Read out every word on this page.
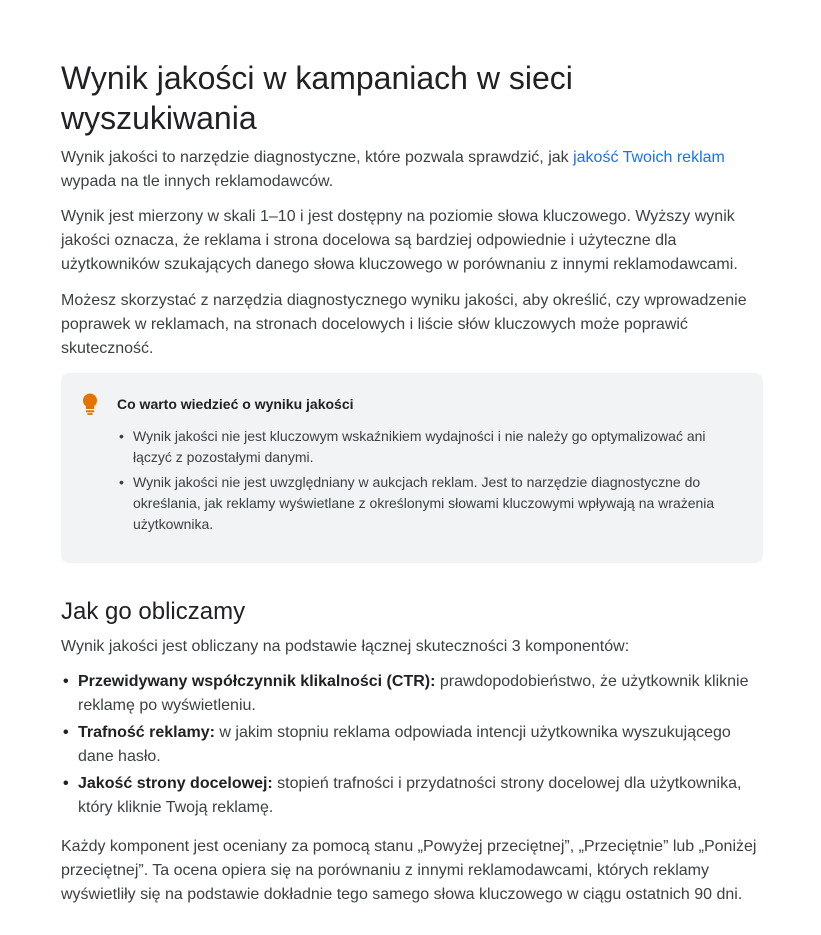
Wynik jakości w kampaniach w sieci wyszukiwania

Wynik jakości to narzędzie diagnostyczne, które pozwala sprawdzić, jak jakość Twoich reklam wypada na tle innych reklamodawców.

Wynik jest mierzony w skali 1–10 i jest dostępny na poziomie słowa kluczowego. Wyższy wynik jakości oznacza, że reklama i strona docelowa są bardziej odpowiednie i użyteczne dla użytkowników szukających danego słowa kluczowego w porównaniu z innymi reklamodawcami.

Możesz skorzystać z narzędzia diagnostycznego wyniku jakości, aby określić, czy wprowadzenie poprawek w reklamach, na stronach docelowych i liście słów kluczowych może poprawić skuteczność.

Co warto wiedzieć o wyniku jakości
• Wynik jakości nie jest kluczowym wskaźnikiem wydajności i nie należy go optymalizować ani łączyć z pozostałymi danymi.
• Wynik jakości nie jest uwzględniany w aukcjach reklam. Jest to narzędzie diagnostyczne do określania, jak reklamy wyświetlane z określonymi słowami kluczowymi wpływają na wrażenia użytkownika.
Jak go obliczamy

Wynik jakości jest obliczany na podstawie łącznej skuteczności 3 komponentów:

• Przewidywany współczynnik klikalności (CTR): prawdopodobieństwo, że użytkownik kliknie reklamę po wyświetleniu.
• Trafność reklamy: w jakim stopniu reklama odpowiada intencji użytkownika wyszukującego dane hasło.
• Jakość strony docelowej: stopień trafności i przydatności strony docelowej dla użytkownika, który kliknie Twoją reklamę.

Każdy komponent jest oceniany za pomocą stanu „Powyżej przeciętnej”, „Przeciętnie” lub „Poniżej przeciętnej”. Ta ocena opiera się na porównaniu z innymi reklamodawcami, których reklamy wyświetliły się na podstawie dokładnie tego samego słowa kluczowego w ciągu ostatnich 90 dni.
